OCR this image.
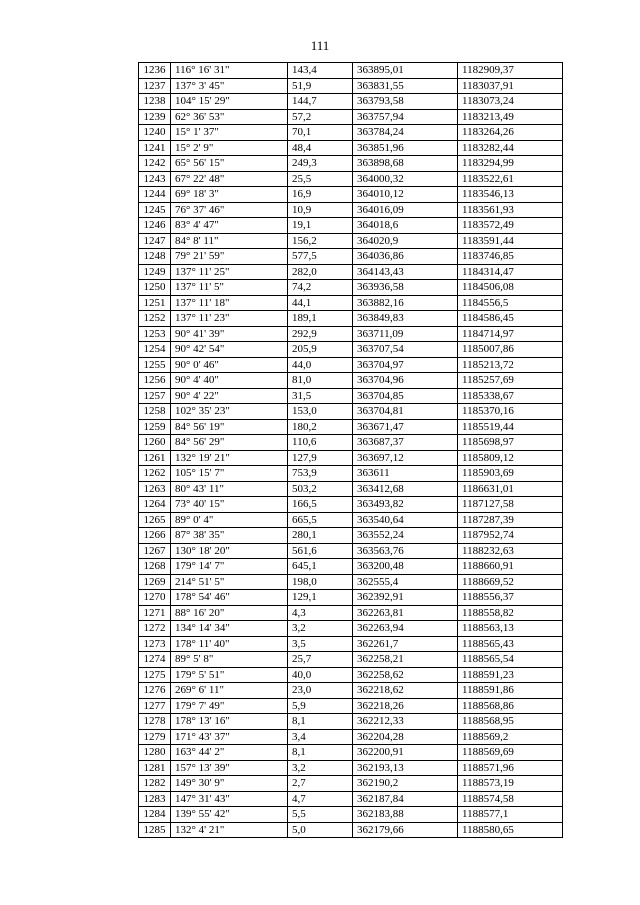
111
1236	116° 16' 31"	143,4	363895,01	1182909,37
1237	137° 3' 45"	51,9	363831,55	1183037,91
1238	104° 15' 29"	144,7	363793,58	1183073,24
1239	62° 36' 53"	57,2	363757,94	1183213,49
1240	15° 1' 37"	70,1	363784,24	1183264,26
1241	15° 2' 9"	48,4	363851,96	1183282,44
1242	65° 56' 15"	249,3	363898,68	1183294,99
1243	67° 22' 48"	25,5	364000,32	1183522,61
1244	69° 18' 3"	16,9	364010,12	1183546,13
1245	76° 37' 46"	10,9	364016,09	1183561,93
1246	83° 4' 47"	19,1	364018,6	1183572,49
1247	84° 8' 11"	156,2	364020,9	1183591,44
1248	79° 21' 59"	577,5	364036,86	1183746,85
1249	137° 11' 25"	282,0	364143,43	1184314,47
1250	137° 11' 5"	74,2	363936,58	1184506,08
1251	137° 11' 18"	44,1	363882,16	1184556,5
1252	137° 11' 23"	189,1	363849,83	1184586,45
1253	90° 41' 39"	292,9	363711,09	1184714,97
1254	90° 42' 54"	205,9	363707,54	1185007,86
1255	90° 0' 46"	44,0	363704,97	1185213,72
1256	90° 4' 40"	81,0	363704,96	1185257,69
1257	90° 4' 22"	31,5	363704,85	1185338,67
1258	102° 35' 23"	153,0	363704,81	1185370,16
1259	84° 56' 19"	180,2	363671,47	1185519,44
1260	84° 56' 29"	110,6	363687,37	1185698,97
1261	132° 19' 21"	127,9	363697,12	1185809,12
1262	105° 15' 7"	753,9	363611	1185903,69
1263	80° 43' 11"	503,2	363412,68	1186631,01
1264	73° 40' 15"	166,5	363493,82	1187127,58
1265	89° 0' 4"	665,5	363540,64	1187287,39
1266	87° 38' 35"	280,1	363552,24	1187952,74
1267	130° 18' 20"	561,6	363563,76	1188232,63
1268	179° 14' 7"	645,1	363200,48	1188660,91
1269	214° 51' 5"	198,0	362555,4	1188669,52
1270	178° 54' 46"	129,1	362392,91	1188556,37
1271	88° 16' 20"	4,3	362263,81	1188558,82
1272	134° 14' 34"	3,2	362263,94	1188563,13
1273	178° 11' 40"	3,5	362261,7	1188565,43
1274	89° 5' 8"	25,7	362258,21	1188565,54
1275	179° 5' 51"	40,0	362258,62	1188591,23
1276	269° 6' 11"	23,0	362218,62	1188591,86
1277	179° 7' 49"	5,9	362218,26	1188568,86
1278	178° 13' 16"	8,1	362212,33	1188568,95
1279	171° 43' 37"	3,4	362204,28	1188569,2
1280	163° 44' 2"	8,1	362200,91	1188569,69
1281	157° 13' 39"	3,2	362193,13	1188571,96
1282	149° 30' 9"	2,7	362190,2	1188573,19
1283	147° 31' 43"	4,7	362187,84	1188574,58
1284	139° 55' 42"	5,5	362183,88	1188577,1
1285	132° 4' 21"	5,0	362179,66	1188580,65
